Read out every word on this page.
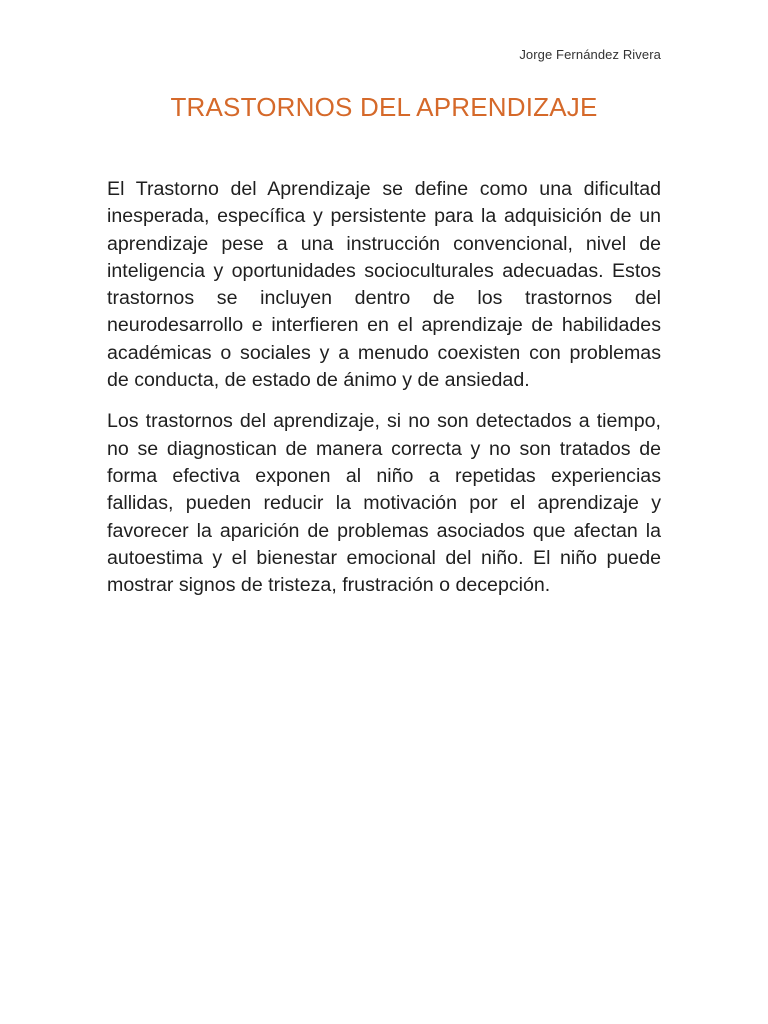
Jorge Fernández Rivera
TRASTORNOS DEL APRENDIZAJE

El Trastorno del Aprendizaje se define como una dificultad inesperada, específica y persistente para la adquisición de un aprendizaje pese a una instrucción convencional, nivel de inteligencia y oportunidades socioculturales adecuadas. Estos trastornos se incluyen dentro de los trastornos del neurodesarrollo e interfieren en el aprendizaje de habilidades académicas o sociales y a menudo coexisten con problemas de conducta, de estado de ánimo y de ansiedad.

Los trastornos del aprendizaje, si no son detectados a tiempo, no se diagnostican de manera correcta y no son tratados de forma efectiva exponen al niño a repetidas experiencias fallidas, pueden reducir la motivación por el aprendizaje y favorecer la aparición de problemas asociados que afectan la autoestima y el bienestar emocional del niño. El niño puede mostrar signos de tristeza, frustración o decepción.
